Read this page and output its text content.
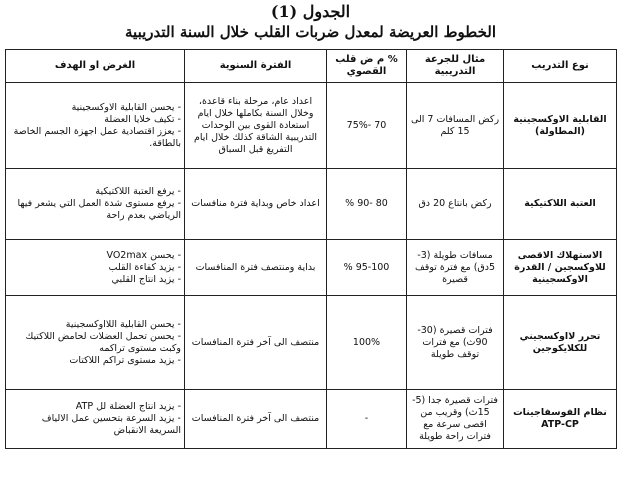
الجدول (1)
الخطوط العريضة لمعدل ضربات القلب خلال السنة التدريبية
نوع التدريب	مثال للجرعة التدريبية	% م ض قلب القصوي	الفترة السنوية	الغرض او الهدف
القابلية الاوكسجينية (المطاولة)	ركض المسافات 7 الى 15 كلم	70 -75%	اعداد عام، مرحلة بناء قاعدة، وخلال السنة بكاملها خلال ايام استعادة القوى بين الوحدات التدريبية الشاقة كذلك خلال ايام التفريغ قبل السباق	- يحسن القابلية الاوكسجينية
- تكيف خلايا العضلة
- يعزز اقتصادية عمل اجهزة الجسم الخاصة بالطاقة.

العتبة اللاكتيكية	ركض بانتاع 20 دق	80 -90 %	اعداد خاص وبداية فترة منافسات	- يرفع العتبة اللاكتيكية
- يرفع مستوى شدة العمل التي يشعر فيها الرياضي بعدم راحة

الاستهلاك الاقصى للاوكسجين / القدرة الاوكسجينية	مسافات طويلة (3-5دق) مع فترة توقف قصيرة	95-100 %	بداية ومنتصف فترة المنافسات	- يحسن VO2max
- يزيد كفاءة القلب
- يزيد انتاج القلبي

تحرر لااوكسجيني للكلايكوجين	فترات قصيرة (30-90ث) مع فترات توقف طويلة	100%	منتصف الى آخر فترة المنافسات	- يحسن القابلية اللااوكسجينية
- يحسن تحمل العضلات لحامض اللاكتيك وكبت مستوى تراكمه
- يزيد مستوى تراكم اللاكتات

نظام الفوسفاجينات ATP-CP	فترات قصيرة جدا (5-15ث) وقريب من اقصى سرعة مع فترات راحة طويلة	-	منتصف الى آخر فترة المنافسات	- يزيد انتاج العضلة لل ATP
- يزيد السرعة بتحسين عمل الالياف السريعة الانقباض
